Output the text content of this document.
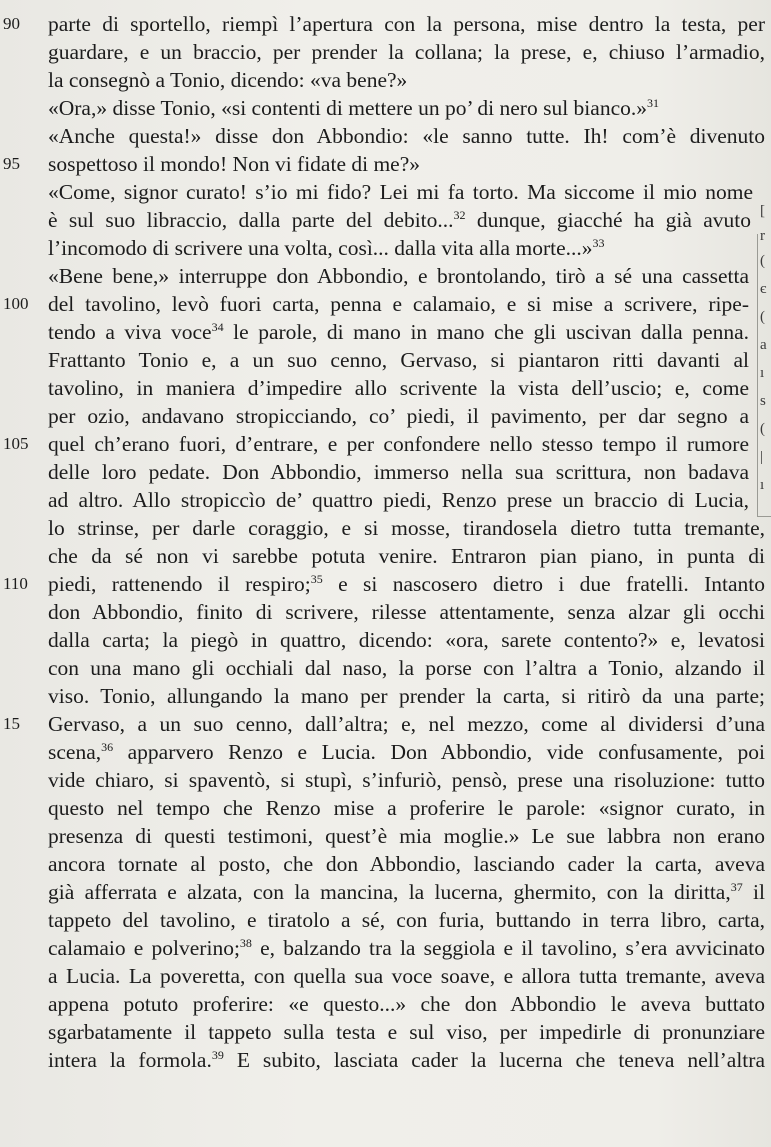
90
95
100
105
110
15
parte di sportello, riempì l’apertura con la persona, mise dentro la testa, per
guardare, e un braccio, per prender la collana; la prese, e, chiuso l’armadio,
la consegnò a Tonio, dicendo: «va bene?»
«Ora,» disse Tonio, «si contenti di mettere un po’ di nero sul bianco.»$^{31}$
«Anche questa!» disse don Abbondio: «le sanno tutte. Ih! com’è divenuto
sospettoso il mondo! Non vi fidate di me?»
«Come, signor curato! s’io mi fido? Lei mi fa torto. Ma siccome il mio nome
è sul suo libraccio, dalla parte del debito...$^{32}$ dunque, giacché ha già avuto
l’incomodo di scrivere una volta, così... dalla vita alla morte...»$^{33}$
«Bene bene,» interruppe don Abbondio, e brontolando, tirò a sé una cassetta
del tavolino, levò fuori carta, penna e calamaio, e si mise a scrivere, ripe-
tendo a viva voce$^{34}$ le parole, di mano in mano che gli uscivan dalla penna.
Frattanto Tonio e, a un suo cenno, Gervaso, si piantaron ritti davanti al
tavolino, in maniera d’impedire allo scrivente la vista dell’uscio; e, come
per ozio, andavano stropicciando, co’ piedi, il pavimento, per dar segno a
quel ch’erano fuori, d’entrare, e per confondere nello stesso tempo il rumore
delle loro pedate. Don Abbondio, immerso nella sua scrittura, non badava
ad altro. Allo stropiccìo de’ quattro piedi, Renzo prese un braccio di Lucia,
lo strinse, per darle coraggio, e si mosse, tirandosela dietro tutta tremante,
che da sé non vi sarebbe potuta venire. Entraron pian piano, in punta di
piedi, rattenendo il respiro;$^{35}$ e si nascosero dietro i due fratelli. Intanto
don Abbondio, finito di scrivere, rilesse attentamente, senza alzar gli occhi
dalla carta; la piegò in quattro, dicendo: «ora, sarete contento?» e, levatosi
con una mano gli occhiali dal naso, la porse con l’altra a Tonio, alzando il
viso. Tonio, allungando la mano per prender la carta, si ritirò da una parte;
Gervaso, a un suo cenno, dall’altra; e, nel mezzo, come al dividersi d’una
scena,$^{36}$ apparvero Renzo e Lucia. Don Abbondio, vide confusamente, poi
vide chiaro, si spaventò, si stupì, s’infuriò, pensò, prese una risoluzione: tutto
questo nel tempo che Renzo mise a proferire le parole: «signor curato, in
presenza di questi testimoni, quest’è mia moglie.» Le sue labbra non erano
ancora tornate al posto, che don Abbondio, lasciando cader la carta, aveva
già afferrata e alzata, con la mancina, la lucerna, ghermito, con la diritta,$^{37}$ il
tappeto del tavolino, e tiratolo a sé, con furia, buttando in terra libro, carta,
calamaio e polverino;$^{38}$ e, balzando tra la seggiola e il tavolino, s’era avvicinato
a Lucia. La poveretta, con quella sua voce soave, e allora tutta tremante, aveva
appena potuto proferire: «e questo...» che don Abbondio le aveva buttato
sgarbatamente il tappeto sulla testa e sul viso, per impedirle di pronunziare
intera la formola.$^{39}$ E subito, lasciata cader la lucerna che teneva nell’altra
[
r
(
є
(
a
ı
s
(
|
ı
